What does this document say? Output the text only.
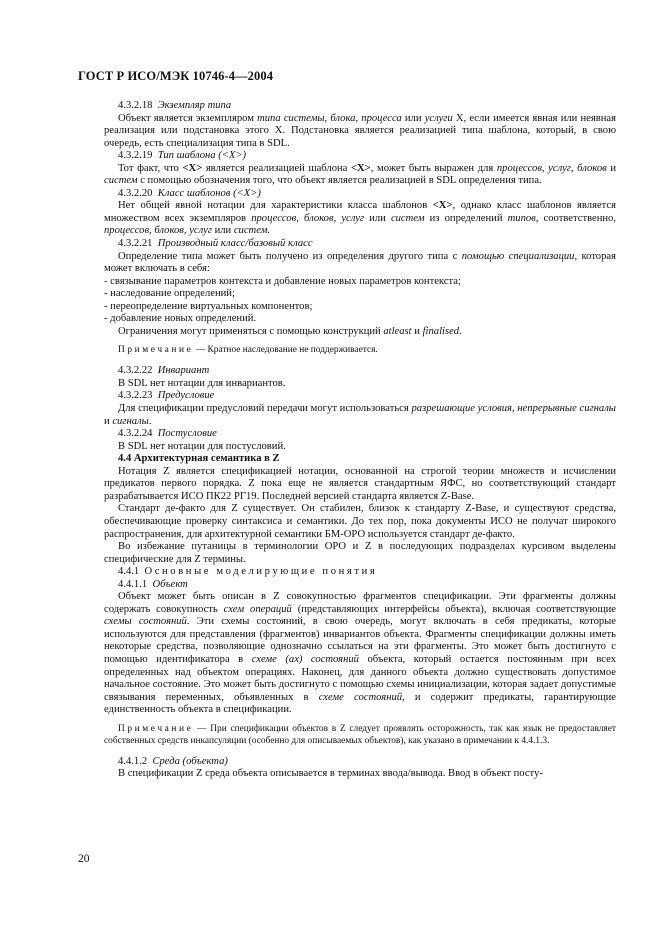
ГОСТ Р ИСО/МЭК 10746-4—2004

4.3.2.18 Экземпляр типа

Объект является экземпляром типа системы, блока, процесса или услуги X, если имеется явная или неявная реализация или подстановка этого X. Подстановка является реализацией типа шаблона, который, в свою очередь, есть специализация типа в SDL.

4.3.2.19 Тип шаблона (<X>)

Тот факт, что <X> является реализацией шаблона <X>, может быть выражен для процессов, услуг, блоков и систем с помощью обозначения того, что объект является реализацией в SDL определения типа.

4.3.2.20 Класс шаблонов (<X>)

Нет общей явной нотации для характеристики класса шаблонов <X>, однако класс шаблонов является множеством всех экземпляров процессов, блоков, услуг или систем из определений типов, соответственно, процессов, блоков, услуг или систем.

4.3.2.21 Производный класс/базовый класс

Определение типа может быть получено из определения другого типа с помощью специализации, которая может включать в себя:

- связывание параметров контекста и добавление новых параметров контекста;

- наследование определений;

- переопределение виртуальных компонентов;

- добавление новых определений.

Ограничения могут применяться с помощью конструкций atleast и finalised.

Примечание — Кратное наследование не поддерживается.

4.3.2.22 Инвариант

В SDL нет нотации для инвариантов.

4.3.2.23 Предусловие

Для спецификации предусловий передачи могут использоваться разрешающие условия, непрерывные сигналы и сигналы.

4.3.2.24 Постусловие

В SDL нет нотации для постусловий.

4.4 Архитектурная семантика в Z

Нотация Z является спецификацией нотации, основанной на строгой теории множеств и исчислении предикатов первого порядка. Z пока еще не является стандартным ЯФС, но соответствующий стандарт разрабатывается ИСО ПК22 РГ19. Последней версией стандарта является Z-Base.

Стандарт де-факто для Z существует. Он стабилен, близок к стандарту Z-Base, и существуют средства, обеспечивающие проверку синтаксиса и семантики. До тех пор, пока документы ИСО не получат широкого распространения, для архитектурной семантики БМ-ОРО используется стандарт де-факто.

Во избежание путаницы в терминологии ОРО и Z в последующих подразделах курсивом выделены специфические для Z термины.

4.4.1 Основные моделирующие понятия

4.4.1.1 Объект

Объект может быть описан в Z совокупностью фрагментов спецификации. Эти фрагменты должны содержать совокупность схем операций (представляющих интерфейсы объекта), включая соответствующие схемы состояний. Эти схемы состояний, в свою очередь, могут включать в себя предикаты, которые используются для представления (фрагментов) инвариантов объекта. Фрагменты спецификации должны иметь некоторые средства, позволяющие однозначно ссылаться на эти фрагменты. Это может быть достигнуто с помощью идентификатора в схеме (ах) состояний объекта, который остается постоянным при всех определенных над объектом операциях. Наконец, для данного объекта должно существовать допустимое начальное состояние. Это может быть достигнуто с помощью схемы инициализации, которая задает допустимые связывания переменных, объявленных в схеме состояний, и содержит предикаты, гарантирующие единственность объекта в спецификации.

Примечание — При спецификации объектов в Z следует проявлять осторожность, так как язык не предоставляет собственных средств инкапсуляции (особенно для описываемых объектов), как указано в примечании к 4.4.1.3.

4.4.1.2 Среда (объекта)

В спецификации Z среда объекта описывается в терминах ввода/вывода. Ввод в объект посту-

20
